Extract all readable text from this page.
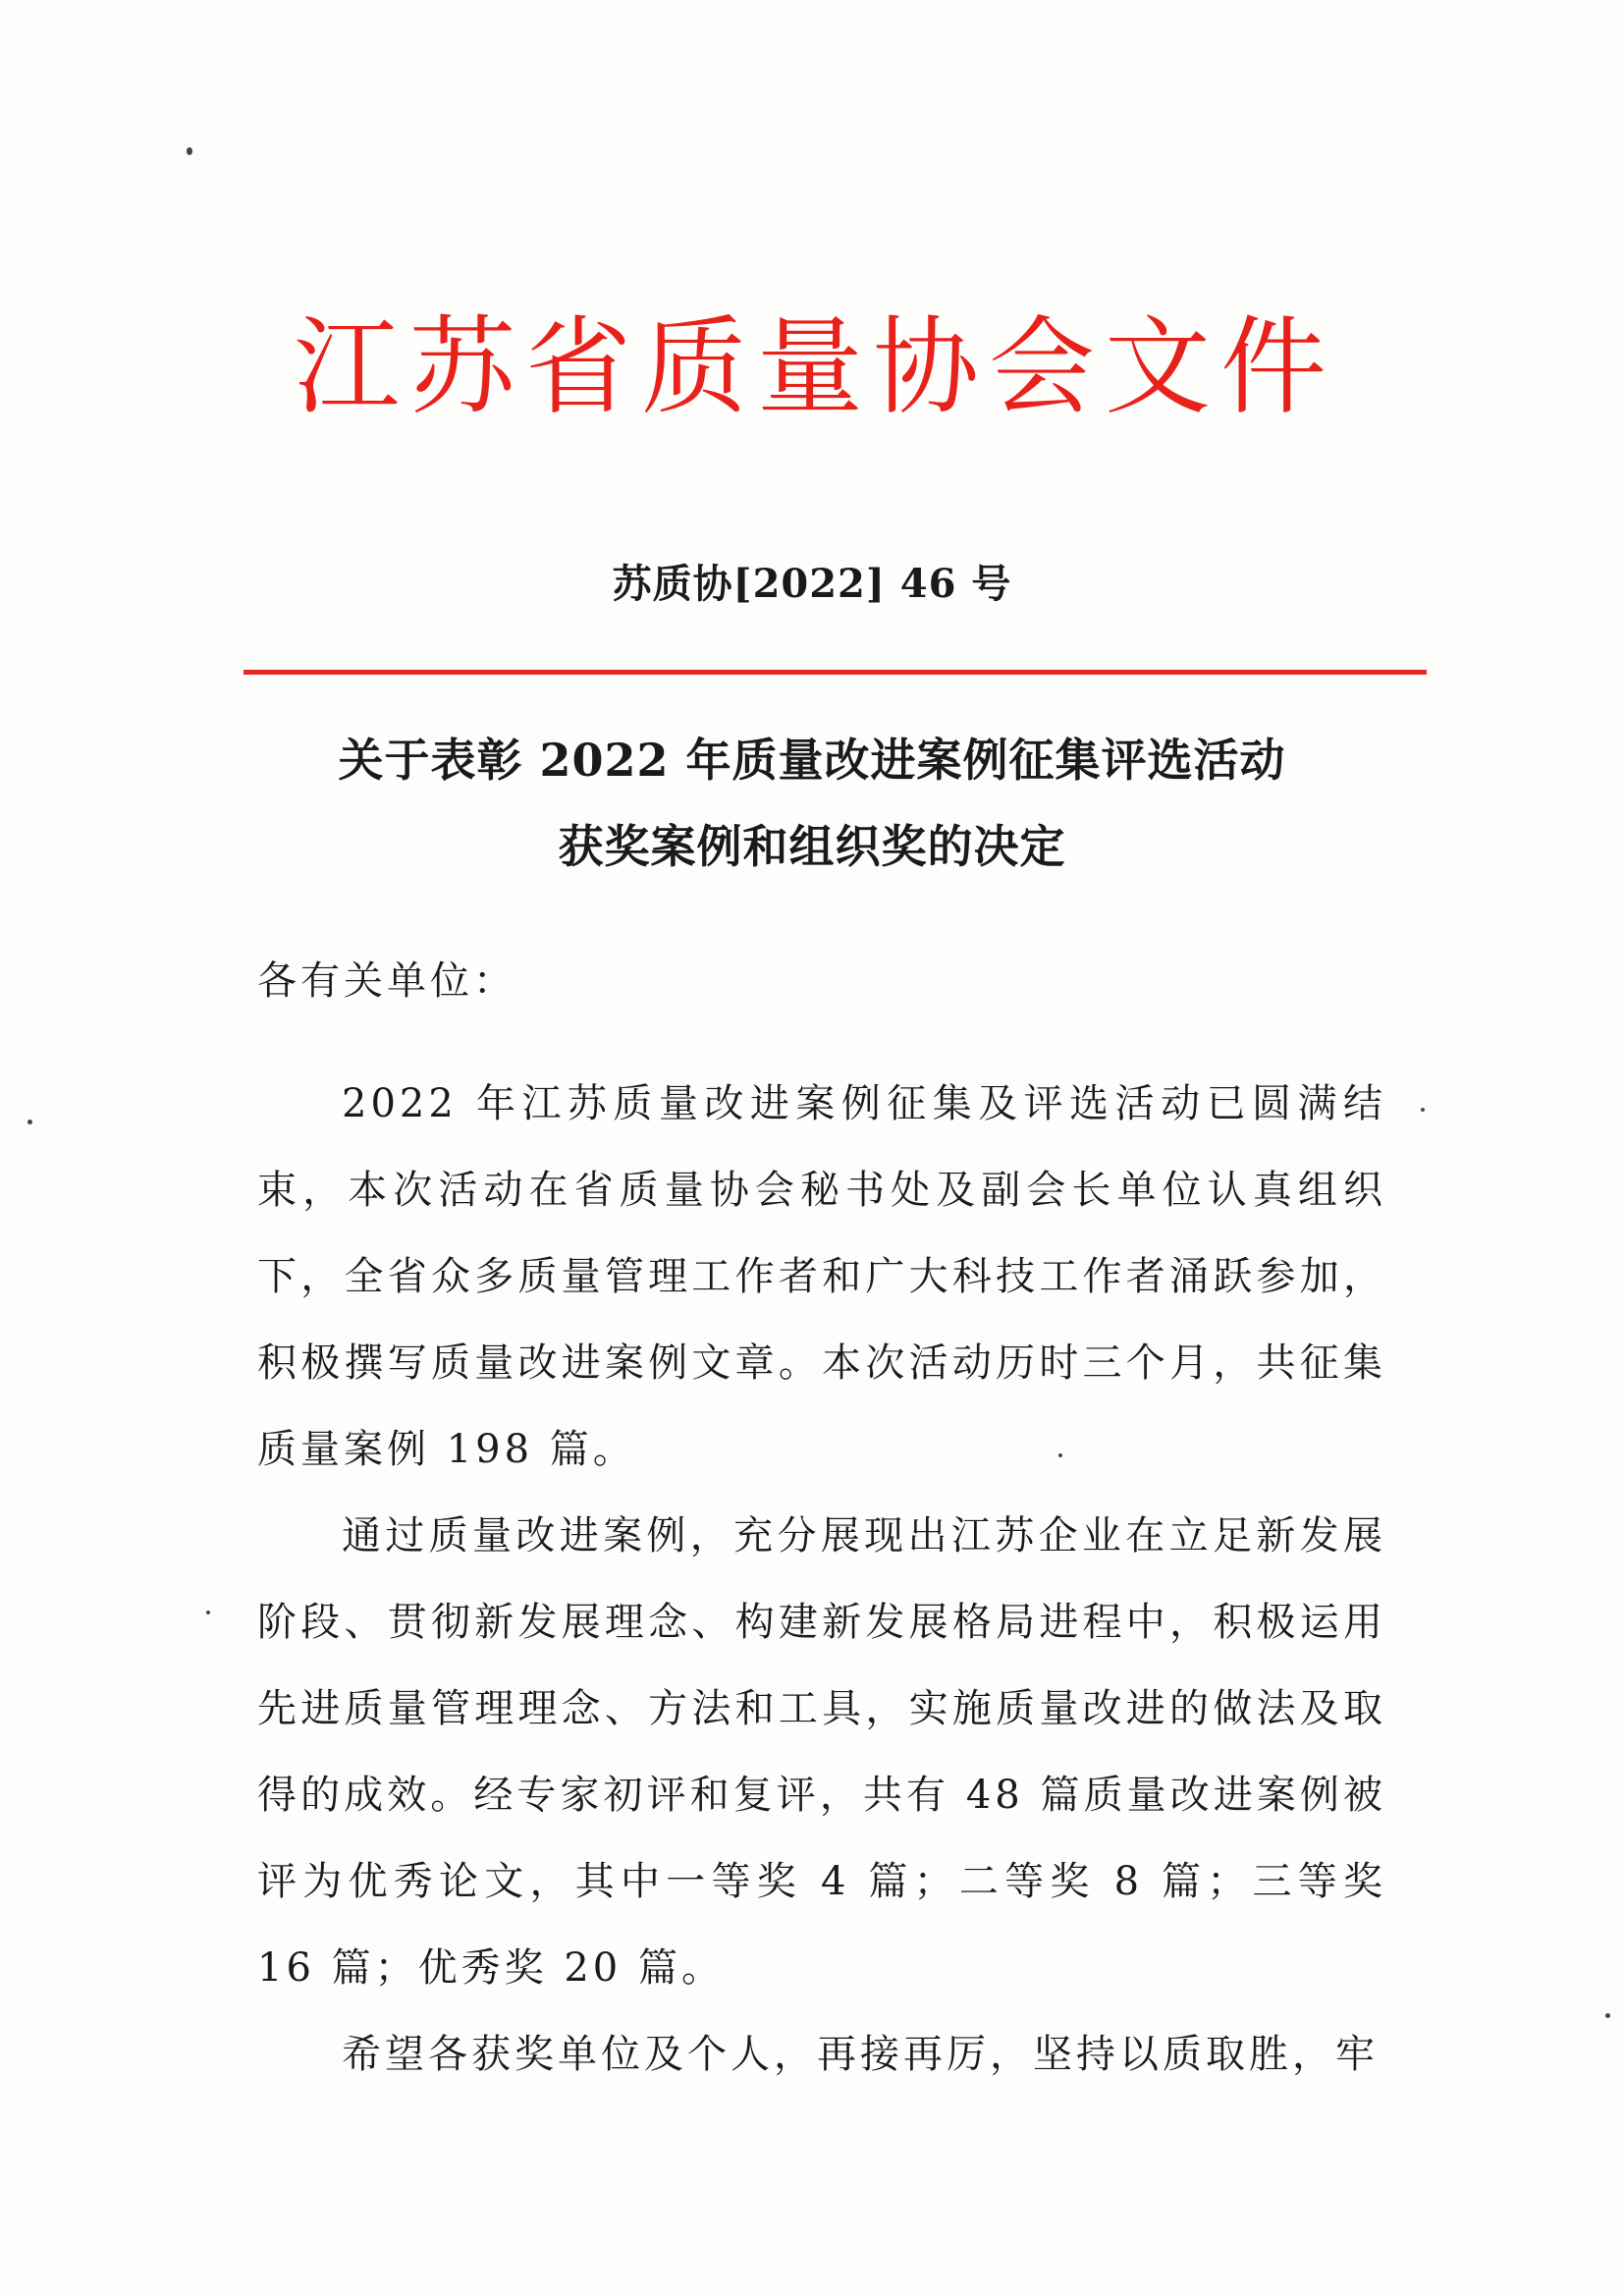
江苏省质量协会文件
苏质协[2022] 46 号
关于表彰 2022 年质量改进案例征集评选活动
获奖案例和组织奖的决定
各有关单位：

2022 年江苏质量改进案例征集及评选活动已圆满结束，本次活动在省质量协会秘书处及副会长单位认真组织下，全省众多质量管理工作者和广大科技工作者涌跃参加，积极撰写质量改进案例文章。本次活动历时三个月，共征集质量案例 198 篇。

通过质量改进案例，充分展现出江苏企业在立足新发展阶段、贯彻新发展理念、构建新发展格局进程中，积极运用先进质量管理理念、方法和工具，实施质量改进的做法及取得的成效。经专家初评和复评，共有 48 篇质量改进案例被评为优秀论文，其中一等奖 4 篇；二等奖 8 篇；三等奖 16 篇；优秀奖 20 篇。

希望各获奖单位及个人，再接再厉，坚持以质取胜，牢
